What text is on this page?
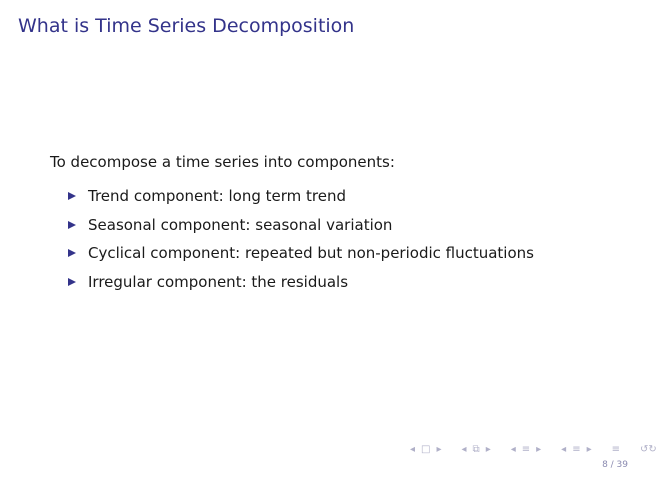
What is Time Series Decomposition
To decompose a time series into components:
Trend component: long term trend
Seasonal component: seasonal variation
Cyclical component: repeated but non-periodic fluctuations
Irregular component: the residuals
◂ □ ▸ ◂ ⧉ ▸ ◂ ≡ ▸ ◂ ≡ ▸ ≡ ↺↻
8 / 39
